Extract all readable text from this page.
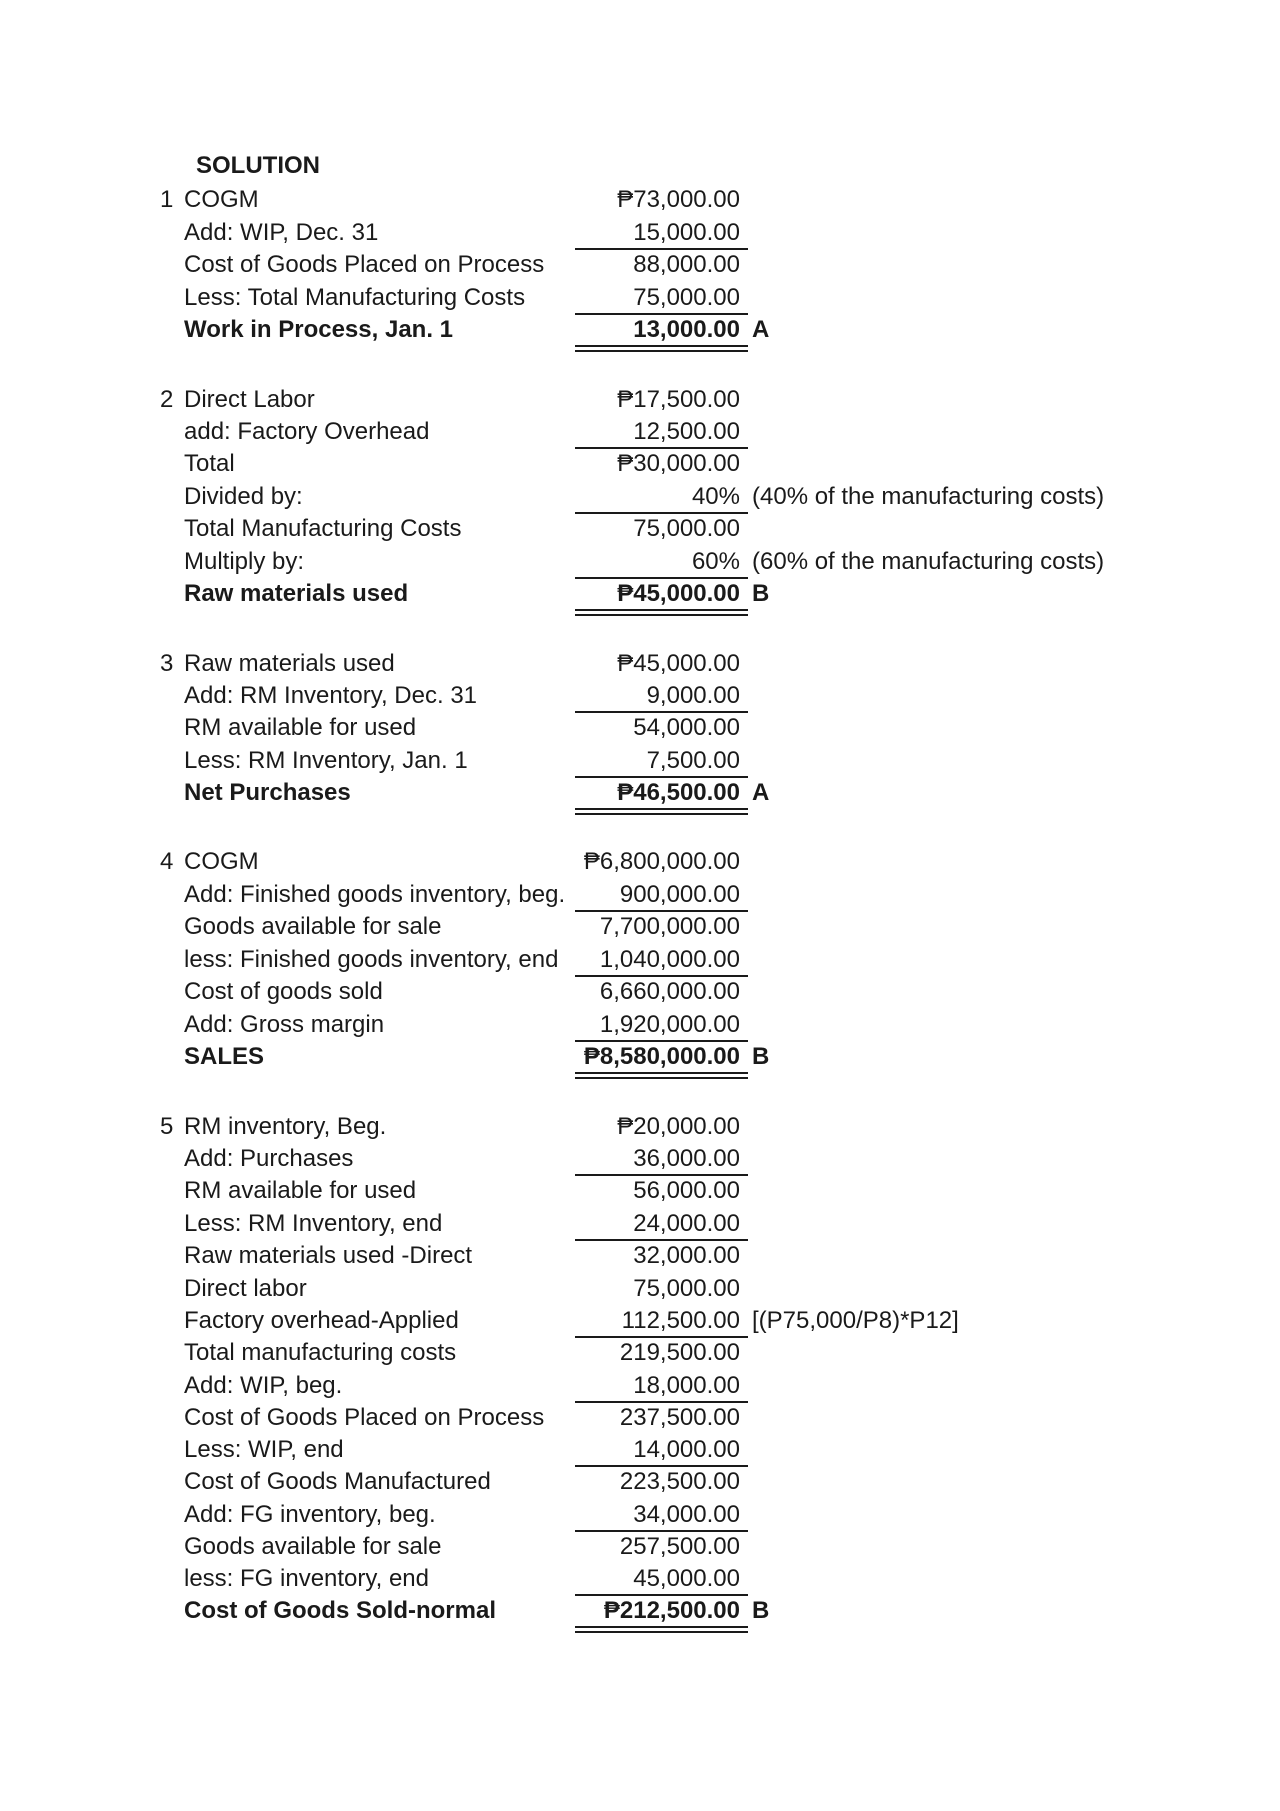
SOLUTION
1 COGM	₱73,000.00
Add: WIP, Dec. 31	15,000.00
Cost of Goods Placed on Process	88,000.00
Less: Total Manufacturing Costs	75,000.00
Work in Process, Jan. 1	13,000.00 A
2 Direct Labor	₱17,500.00
add: Factory Overhead	12,500.00
Total	₱30,000.00
Divided by:	40% (40% of the manufacturing costs)
Total Manufacturing Costs	75,000.00
Multiply by:	60% (60% of the manufacturing costs)
Raw materials used	₱45,000.00 B
3 Raw materials used	₱45,000.00
Add: RM Inventory, Dec. 31	9,000.00
RM available for used	54,000.00
Less: RM Inventory, Jan. 1	7,500.00
Net Purchases	₱46,500.00 A
4 COGM	₱6,800,000.00
Add: Finished goods inventory, beg. 900,000.00
Goods available for sale	7,700,000.00
less: Finished goods inventory, end 1,040,000.00
Cost of goods sold	6,660,000.00
Add: Gross margin	1,920,000.00
SALES	₱8,580,000.00 B
5 RM inventory, Beg.	₱20,000.00
Add: Purchases	36,000.00
RM available for used	56,000.00
Less: RM Inventory, end	24,000.00
Raw materials used -Direct	32,000.00
Direct labor	75,000.00
Factory overhead-Applied	112,500.00 [(P75,000/P8)*P12]
Total manufacturing costs	219,500.00
Add: WIP, beg.	18,000.00
Cost of Goods Placed on Process	237,500.00
Less: WIP, end	14,000.00
Cost of Goods Manufactured	223,500.00
Add: FG inventory, beg.	34,000.00
Goods available for sale	257,500.00
less: FG inventory, end	45,000.00
Cost of Goods Sold-normal	₱212,500.00 B
